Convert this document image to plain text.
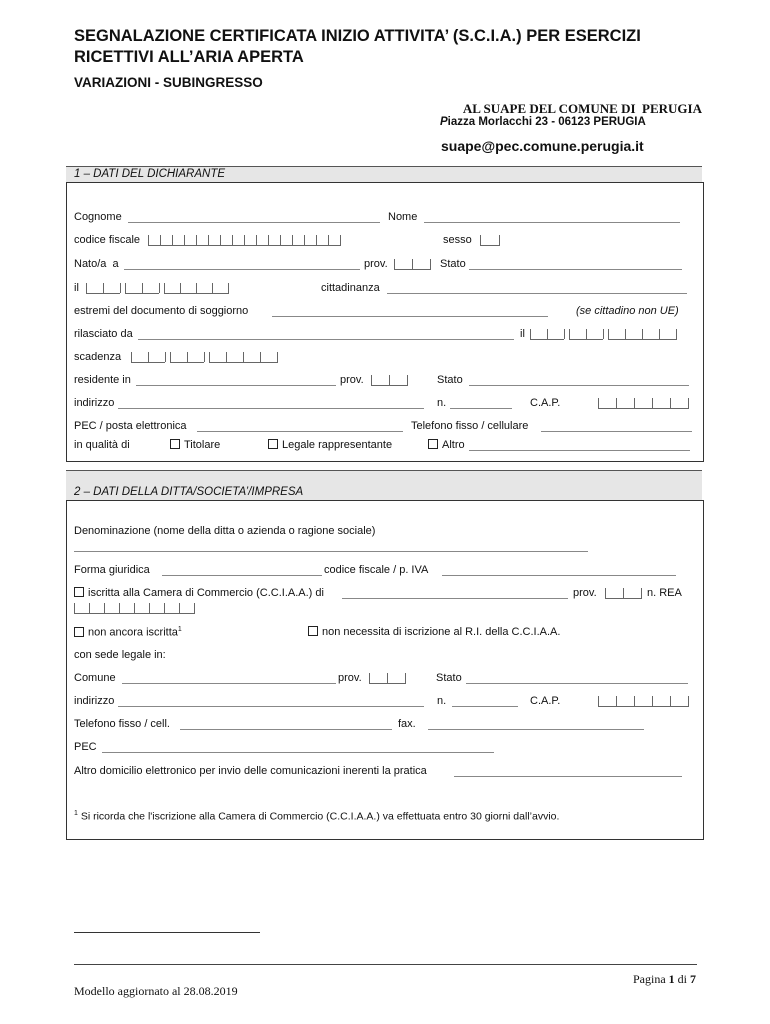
SEGNALAZIONE CERTIFICATA INIZIO ATTIVITA’ (S.C.I.A.) PER ESERCIZI RICETTIVI ALL’ARIA APERTA
VARIAZIONI - SUBINGRESSO
AL SUAPE DEL COMUNE DI  PERUGIA
Piazza Morlacchi 23 - 06123 PERUGIA
suape@pec.comune.perugia.it
1 – DATI DEL DICHIARANTE
Cognome	Nome
codice fiscale	sesso
Nato/a  a	prov.	Stato
il	cittadinanza
estremi del documento di soggiorno	(se cittadino non UE)
rilasciato da	il
scadenza
residente in	prov.	Stato
indirizzo	n.	C.A.P.
PEC / posta elettronica	Telefono fisso / cellulare
in qualità di	Titolare	Legale rappresentante	Altro
2 – DATI DELLA DITTA/SOCIETA’/IMPRESA
Denominazione (nome della ditta o azienda o ragione sociale)
Forma giuridica	codice fiscale / p. IVA
iscritta alla Camera di Commercio (C.C.I.A.A.) di	prov.	n. REA
non ancora iscritta$^1$	non necessita di iscrizione al R.I. della C.C.I.A.A.
con sede legale in:
Comune	prov.	Stato
indirizzo	n.	C.A.P.
Telefono fisso / cell.	fax.
PEC
Altro domicilio elettronico per invio delle comunicazioni inerenti la pratica
$^1$ Si ricorda che l'iscrizione alla Camera di Commercio (C.C.I.A.A.) va effettuata entro 30 giorni dall’avvio.
Pagina 1 di 7
Modello aggiornato al 28.08.2019
